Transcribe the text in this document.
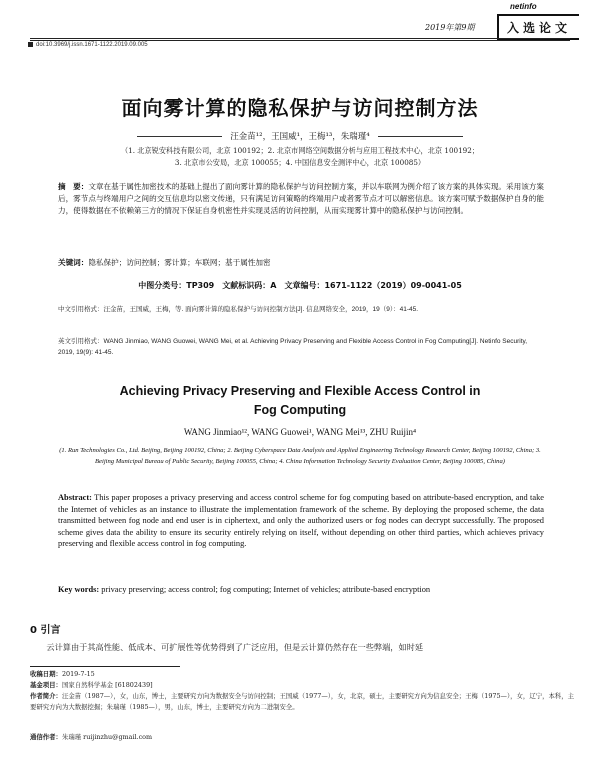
netinfo
2019年第9期	入选论文
doi:10.3969/j.issn.1671-1122.2019.09.005
面向雾计算的隐私保护与访问控制方法
汪金苗¹²，王国威¹，王梅¹³，朱瑞瑾⁴
（1. 北京锐安科技有限公司，北京 100192；2. 北京市网络空间数据分析与应用工程技术中心，北京 100192；
3. 北京市公安局，北京 100055；4. 中国信息安全测评中心，北京 100085）
摘　要：文章在基于属性加密技术的基础上提出了面向雾计算的隐私保护与访问控制方案，并以车联网为例介绍了该方案的具体实现。采用该方案后，雾节点与终端用户之间的交互信息均以密文传递，只有满足访问策略的终端用户或者雾节点才可以解密信息。该方案可赋予数据保护自身的能力，使得数据在不依赖第三方的情况下保证自身机密性并实现灵活的访问控制，从而实现雾计算中的隐私保护与访问控制。
关键词：隐私保护；访问控制；雾计算；车联网；基于属性加密
中图分类号：TP309　 文献标识码：A　 文章编号：1671-1122（2019）09-0041-05
中文引用格式：汪金苗，王国威，王梅，等. 面向雾计算的隐私保护与访问控制方法[J]. 信息网络安全，2019，19（9）：41-45.
英文引用格式：WANG Jinmiao, WANG Guowei, WANG Mei, et al. Achieving Privacy Preserving and Flexible Access Control in Fog Computing[J]. Netinfo Security, 2019, 19(9): 41-45.
Achieving Privacy Preserving and Flexible Access Control in
Fog Computing
WANG Jinmiao¹², WANG Guowei¹, WANG Mei¹³, ZHU Ruijin⁴
(1. Run Technologies Co., Ltd. Beijing, Beijing 100192, China; 2. Beijing Cyberspace Data Analysis and Applied Engineering Technology Research Center, Beijing 100192, China; 3. Beijing Municipal Bureau of Public Security, Beijing 100055, China; 4. China Information Technology Security Evaluation Center, Beijing 100085, China)
Abstract: This paper proposes a privacy preserving and access control scheme for fog computing based on attribute-based encryption, and take the Internet of vehicles as an instance to illustrate the implementation framework of the scheme. By deploying the proposed scheme, the data transmitted between fog node and end user is in ciphertext, and only the authorized users or fog nodes can decrypt successfully. The proposed scheme gives data the ability to ensure its security entirely relying on itself, without depending on other third parties, which achieves privacy preserving and flexible access control in fog computing.
Key words: privacy preserving; access control; fog computing; Internet of vehicles; attribute-based encryption
0 引言
　　云计算由于其高性能、低成本、可扩展性等优势得到了广泛应用，但是云计算仍然存在一些弊端，如时延
收稿日期：2019-7-15
基金项目：国家自然科学基金 [61802439]
作者简介：汪金苗（1987—），女，山东，博士，主要研究方向为数据安全与访问控制；王国威（1977—），女，北京，硕士，主要研究方向为信息安全；王梅（1975—），女，辽宁，本科，主要研究方向为大数据挖掘；朱瑞瑾（1985—），男，山东，博士，主要研究方向为二进制安全。
通信作者：朱瑞瑾 ruijinzhu@gmail.com
